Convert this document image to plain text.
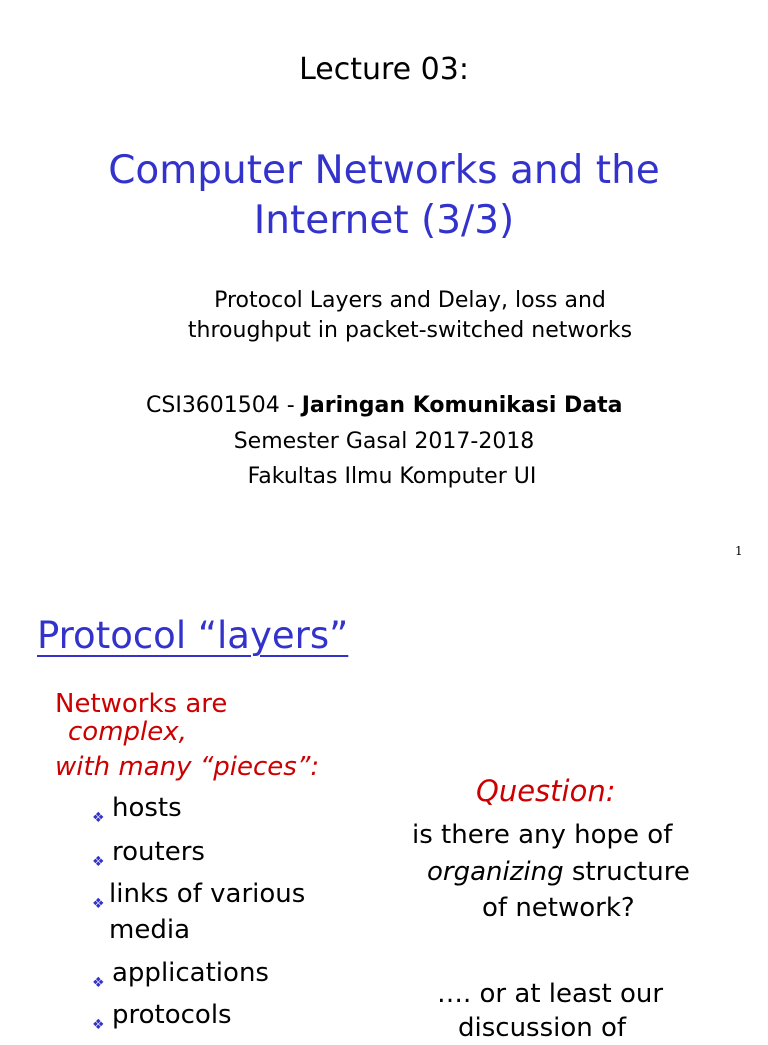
Lecture 03:
Computer Networks and the
Internet (3/3)
Protocol Layers and Delay, loss and
throughput in packet-switched networks
CSI3601504 - Jaringan Komunikasi Data
Semester Gasal 2017-2018
Fakultas Ilmu Komputer UI
1
Protocol “layers”
Networks are
complex,
with many “pieces”:
❖ hosts
❖ routers
❖ links of various media
❖ applications
❖ protocols
Question:
is there any hope of
organizing structure
of network?
…. or at least our
discussion of
